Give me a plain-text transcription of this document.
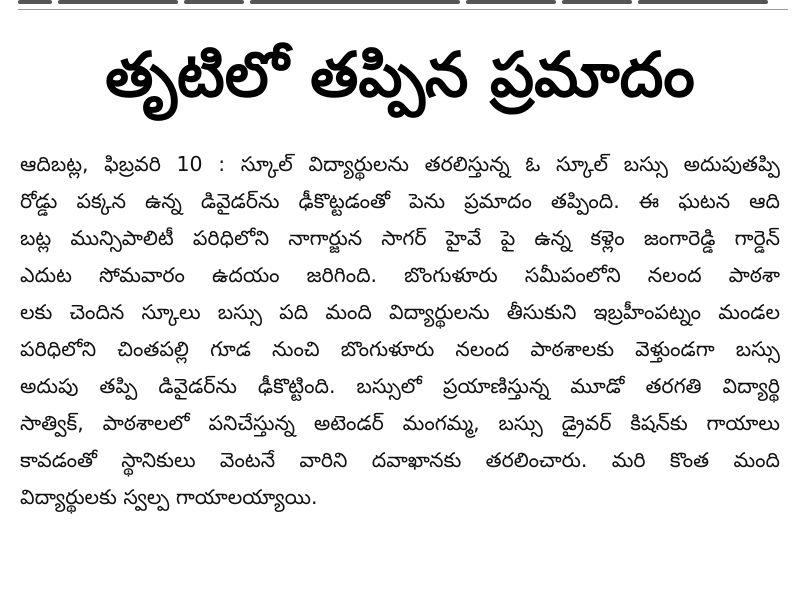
తృటిలో తప్పిన ప్రమాదం
ఆదిబట్ల, ఫిబ్రవరి 10 : స్కూల్ విద్యార్థులను తరలిస్తున్న ఓ స్కూల్ బస్సు అదుపుతప్పి
రోడ్డు పక్కన ఉన్న డివైడర్‌ను ఢీకొట్టడంతో పెను ప్రమాదం తప్పింది. ఈ ఘటన ఆది
బట్ల మున్సిపాలిటీ పరిధిలోని నాగార్జున సాగర్ హైవే పై ఉన్న కళ్లెం జంగారెడ్డి గార్డెన్
ఎదుట సోమవారం ఉదయం జరిగింది. బొంగుళూరు సమీపంలోని నలంద పాఠశా
లకు చెందిన స్కూలు బస్సు పది మంది విద్యార్థులను తీసుకుని ఇబ్రహీంపట్నం మండల
పరిధిలోని చింతపల్లి గూడ నుంచి బొంగుళూరు నలంద పాఠశాలకు వెళ్తుండగా బస్సు
అదుపు తప్పి డివైడర్‌ను ఢీకొట్టింది. బస్సులో ప్రయాణిస్తున్న మూడో తరగతి విద్యార్థి
సాత్విక్, పాఠశాలలో పనిచేస్తున్న అటెండర్ మంగమ్మ, బస్సు డ్రైవర్ కిషన్‌కు గాయాలు
కావడంతో స్థానికులు వెంటనే వారిని దవాఖానకు తరలించారు. మరి కొంత మంది
విద్యార్థులకు స్వల్ప గాయాలయ్యాయి.
